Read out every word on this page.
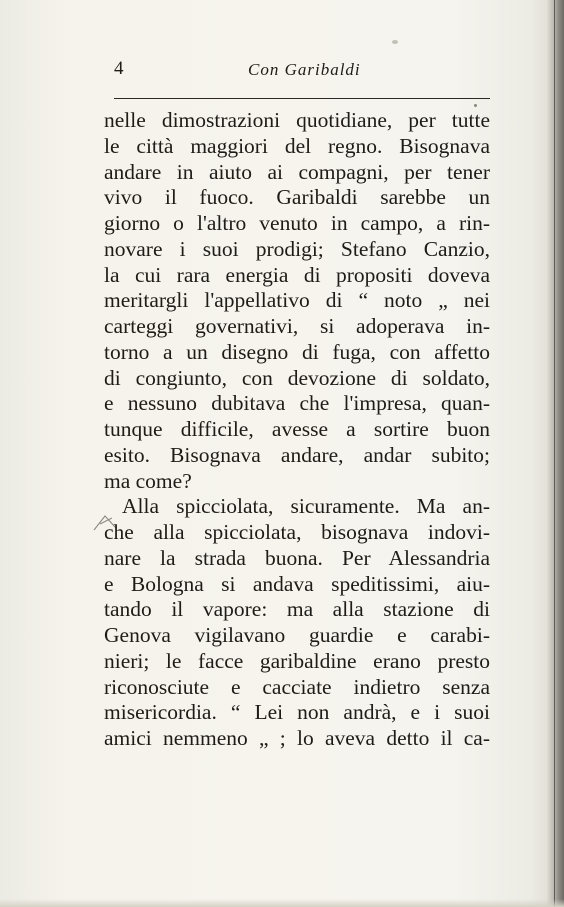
4	Con Garibaldi
nelle dimostrazioni quotidiane, per tutte
le città maggiori del regno. Bisognava
andare in aiuto ai compagni, per tener
vivo il fuoco. Garibaldi sarebbe un
giorno o l'altro venuto in campo, a rin-
novare i suoi prodigi; Stefano Canzio,
la cui rara energia di propositi doveva
meritargli l'appellativo di “ noto „ nei
carteggi governativi, si adoperava in-
torno a un disegno di fuga, con affetto
di congiunto, con devozione di soldato,
e nessuno dubitava che l'impresa, quan-
tunque difficile, avesse a sortire buon
esito. Bisognava andare, andar subito;
ma come?
Alla spicciolata, sicuramente. Ma an-
che alla spicciolata, bisognava indovi-
nare la strada buona. Per Alessandria
e Bologna si andava speditissimi, aiu-
tando il vapore: ma alla stazione di
Genova vigilavano guardie e carabi-
nieri; le facce garibaldine erano presto
riconosciute e cacciate indietro senza
misericordia. “ Lei non andrà, e i suoi
amici nemmeno „ ; lo aveva detto il ca-
